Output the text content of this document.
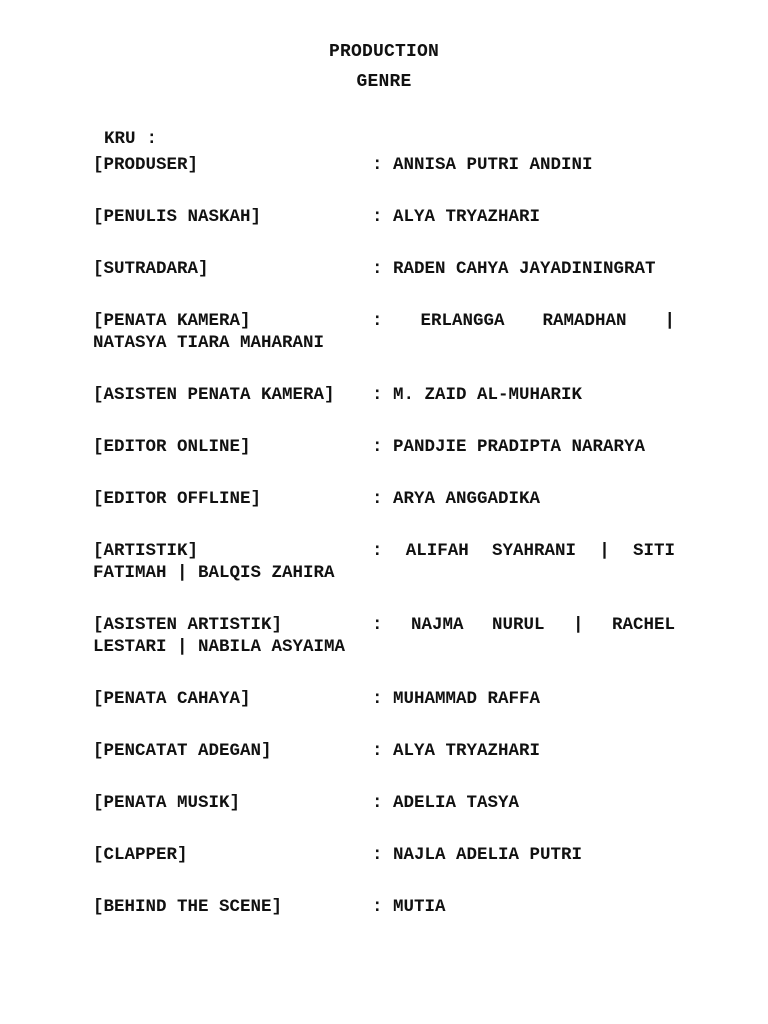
PRODUCTION
GENRE
KRU :
[PRODUSER]	: ANNISA PUTRI ANDINI
[PENULIS NASKAH]	: ALYA TRYAZHARI
[SUTRADARA]	: RADEN CAHYA JAYADININGRAT
[PENATA KAMERA]	: ERLANGGA RAMADHAN |
NATASYA TIARA MAHARANI
[ASISTEN PENATA KAMERA] : M. ZAID AL-MUHARIK
[EDITOR ONLINE]	: PANDJIE PRADIPTA NARARYA
[EDITOR OFFLINE]	: ARYA ANGGADIKA
[ARTISTIK]	: ALIFAH SYAHRANI | SITI
FATIMAH | BALQIS ZAHIRA
[ASISTEN ARTISTIK]	: NAJMA NURUL | RACHEL
LESTARI | NABILA ASYAIMA
[PENATA CAHAYA]	: MUHAMMAD RAFFA
[PENCATAT ADEGAN]	: ALYA TRYAZHARI
[PENATA MUSIK]	: ADELIA TASYA
[CLAPPER]	: NAJLA ADELIA PUTRI
[BEHIND THE SCENE]	: MUTIA
